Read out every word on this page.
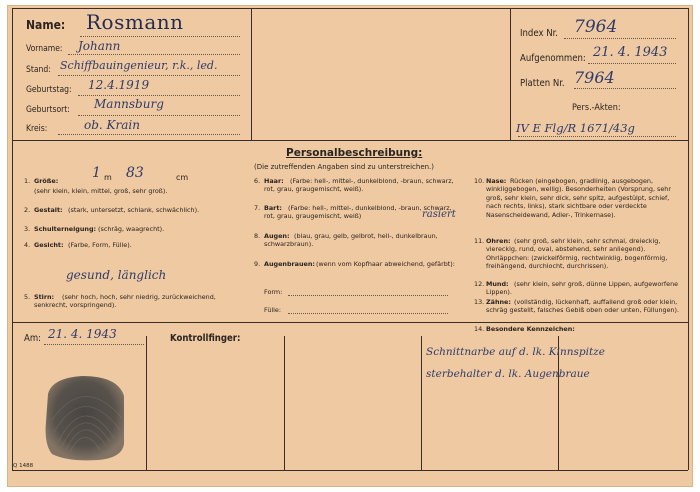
Name: Rosmann
Vorname: Johann
Stand: Schiffbauingenieur, r.k., led.
Geburtstag: 12.4.1919
Geburtsort: Mannsburg
Kreis:	ob. Krain
Index Nr. 7964
Aufgenommen: 21. 4. 1943
Platten Nr. 7964
Pers.-Akten:
IV E Flg/R 1671/43g
Personalbeschreibung:
(Die zutreffenden Angaben sind zu unterstreichen.)
1. Größe: 1 m 83	cm
(sehr klein, klein, mittel, groß, sehr groß).
2. Gestalt: (stark, untersetzt, schlank, schwächlich).
3. Schulterneigung: (schräg, waagrecht).
4. Gesicht: (Farbe, Form, Fülle).
gesund, länglich
5. Stirn:	(sehr hoch, hoch, sehr niedrig, zurückweichend, senkrecht, vorspringend).
6. Haar: (Farbe: hell-, mittel-, dunkelblond, -braun, schwarz, rot, grau, graugemischt, weiß).
7. Bart: (Farbe: hell-, mittel-, dunkelblond, -braun, schwarz, rot, grau, graugemischt, weiß)	rasiert
8. Augen: (blau, grau, gelb, gelbrot, hell-, dunkelbraun, schwarzbraun).
9. Augenbrauen: (wenn vom Kopfhaar abweichend, gefärbt):
Form:
Fülle:
10. Nase: Rücken (eingebogen, gradlinig, ausgebogen, winkliggebogen, wellig). Besonderheiten (Vorsprung, sehr groß, sehr klein, sehr dick, sehr spitz, aufgestülpt, schief, nach rechts, links), stark sichtbare oder verdeckte Nasenscheidewand, Adler-, Trinkernase).
11. Ohren: (sehr groß, sehr klein, sehr schmal, dreieckig, viereckig, rund, oval, abstehend, sehr anliegend). Ohrläppchen: (zwickelförmig, rechtwinklig, bogenförmig, freihängend, durchlocht, durchrissen).
12. Mund: (sehr klein, sehr groß, dünne Lippen, aufgeworfene Lippen).
13. Zähne: (vollständig, lückenhaft, auffallend groß oder klein, schräg gestellt, falsches Gebiß oben oder unten, Füllungen).
14. Besondere Kennzeichen:
Schnittnarbe auf d. lk. Kinnspitze
sterbehalter d. lk. Augenbraue
Am: 21. 4. 1943	Kontrollfinger:
Q 1488
